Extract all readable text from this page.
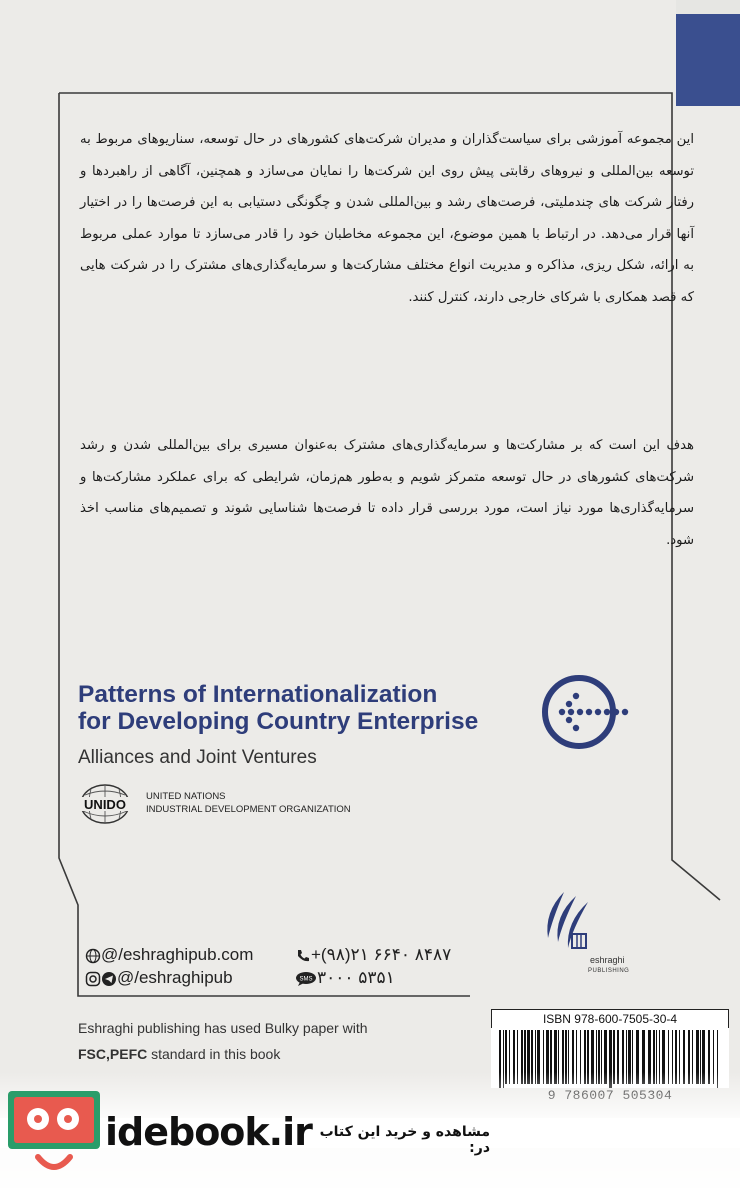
این مجموعه آموزشی برای سیاست‌گذاران و مدیران شرکت‌های کشورهای در حال توسعه، سناریوهای مربوط به توسعه بین‌المللی و نیروهای رقابتی پیش روی این شرکت‌ها را نمایان می‌سازد و همچنین، آگاهی از راهبردها و رفتار شرکت های چندملیتی، فرصت‌های رشد و بین‌المللی شدن و چگونگی دستیابی به این فرصت‌ها را در اختیار آنها قرار می‌دهد. در ارتباط با همین موضوع، این مجموعه مخاطبان خود را قادر می‌سازد تا موارد عملی مربوط به ارائه، شکل ریزی، مذاکره و مدیریت انواع مختلف مشارکت‌ها و سرمایه‌گذاری‌های مشترک را در شرکت هایی که قصد همکاری با شرکای خارجی دارند، کنترل کنند.
هدف این است که بر مشارکت‌ها و سرمایه‌گذاری‌های مشترک به‌عنوان مسیری برای بین‌المللی شدن و رشد شرکت‌های کشورهای در حال توسعه متمرکز شویم و به‌طور هم‌زمان، شرایطی که برای عملکرد مشارکت‌ها و سرمایه‌گذاری‌ها مورد نیاز است، مورد بررسی قرار داده تا فرصت‌ها شناسایی شوند و تصمیم‌های مناسب اخذ شود.
Patterns of Internationalization
for Developing Country Enterprise
Alliances and Joint Ventures
UNIDO
UNITED NATIONS
INDUSTRIAL DEVELOPMENT ORGANIZATION
eshraghi
PUBLISHING
@/eshraghipub.com
@/eshraghipub
+(۹۸)۲۱ ۶۶۴۰ ۸۴۸۷
SMS ۳۰۰۰ ۵۳۵۱
Eshraghi publishing has used Bulky paper with
FSC,PEFC standard in this book
ISBN 978-600-7505-30-4
idebook.ir مشاهده و خرید این کتاب در:
